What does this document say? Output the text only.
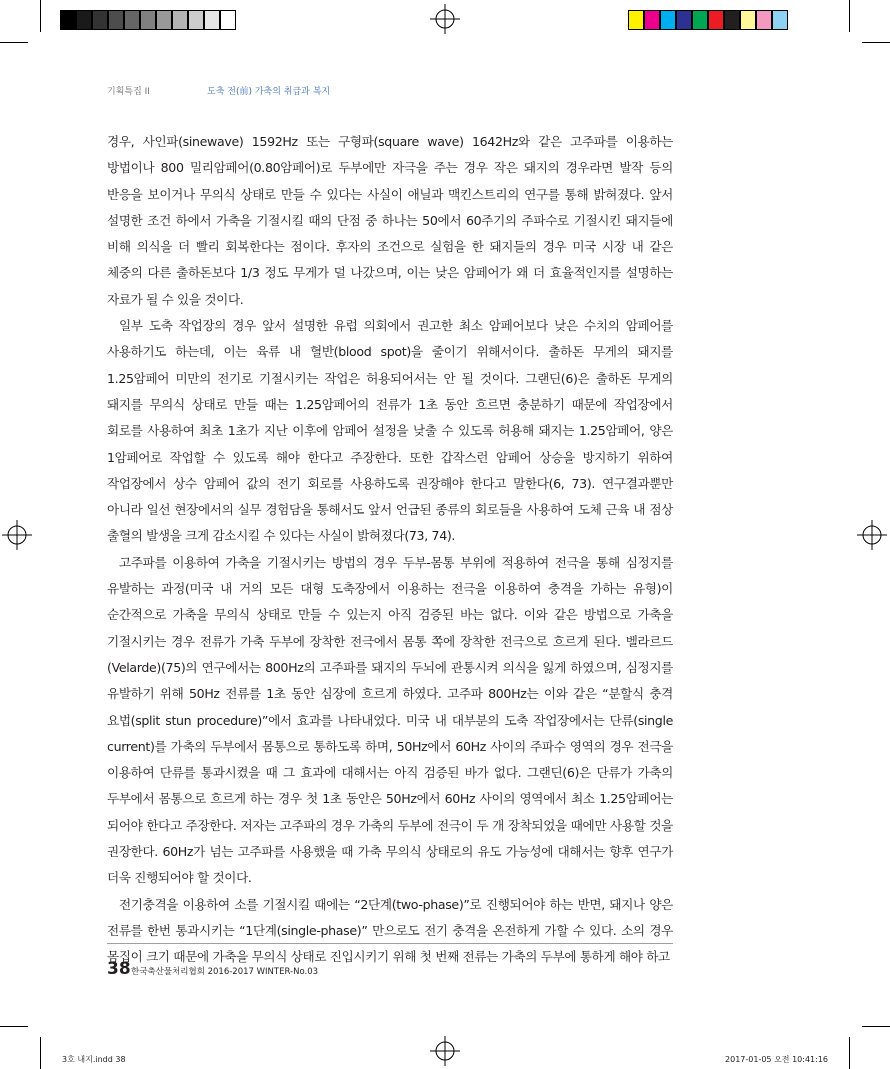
기획특집 II	도축 전(前) 가축의 취급과 복지

경우, 사인파(sinewave) 1592Hz 또는 구형파(square wave) 1642Hz와 같은 고주파를 이용하는 방법이나 800 밀리암페어(0.80암페어)로 두부에만 자극을 주는 경우 작은 돼지의 경우라면 발작 등의 반응을 보이거나 무의식 상태로 만들 수 있다는 사실이 애닐과 맥킨스트리의 연구를 통해 밝혀졌다. 앞서 설명한 조건 하에서 가축을 기절시킬 때의 단점 중 하나는 50에서 60주기의 주파수로 기절시킨 돼지들에 비해 의식을 더 빨리 회복한다는 점이다. 후자의 조건으로 실험을 한 돼지들의 경우 미국 시장 내 같은 체중의 다른 출하돈보다 1/3 정도 무게가 덜 나갔으며, 이는 낮은 암페어가 왜 더 효율적인지를 설명하는 자료가 될 수 있을 것이다.

일부 도축 작업장의 경우 앞서 설명한 유럽 의회에서 권고한 최소 암페어보다 낮은 수치의 암페어를 사용하기도 하는데, 이는 육류 내 혈반(blood spot)을 줄이기 위해서이다. 출하돈 무게의 돼지를 1.25암페어 미만의 전기로 기절시키는 작업은 허용되어서는 안 될 것이다. 그랜딘(6)은 출하돈 무게의 돼지를 무의식 상태로 만들 때는 1.25암페어의 전류가 1초 동안 흐르면 충분하기 때문에 작업장에서 회로를 사용하여 최초 1초가 지난 이후에 암페어 설정을 낮출 수 있도록 허용해 돼지는 1.25암페어, 양은 1암페어로 작업할 수 있도록 해야 한다고 주장한다. 또한 갑작스런 암페어 상승을 방지하기 위하여 작업장에서 상수 암페어 값의 전기 회로를 사용하도록 권장해야 한다고 말한다(6, 73). 연구결과뿐만 아니라 일선 현장에서의 실무 경험담을 통해서도 앞서 언급된 종류의 회로들을 사용하여 도체 근육 내 점상 출혈의 발생을 크게 감소시킬 수 있다는 사실이 밝혀졌다(73, 74).

고주파를 이용하여 가축을 기절시키는 방법의 경우 두부-몸통 부위에 적용하여 전극을 통해 심정지를 유발하는 과정(미국 내 거의 모든 대형 도축장에서 이용하는 전극을 이용하여 충격을 가하는 유형)이 순간적으로 가축을 무의식 상태로 만들 수 있는지 아직 검증된 바는 없다. 이와 같은 방법으로 가축을 기절시키는 경우 전류가 가축 두부에 장착한 전극에서 몸통 쪽에 장착한 전극으로 흐르게 된다. 벨라르드(Velarde)(75)의 연구에서는 800Hz의 고주파를 돼지의 두뇌에 관통시켜 의식을 잃게 하였으며, 심정지를 유발하기 위해 50Hz 전류를 1초 동안 심장에 흐르게 하였다. 고주파 800Hz는 이와 같은 “분할식 충격 요법(split stun procedure)”에서 효과를 나타내었다. 미국 내 대부분의 도축 작업장에서는 단류(single current)를 가축의 두부에서 몸통으로 통하도록 하며, 50Hz에서 60Hz 사이의 주파수 영역의 경우 전극을 이용하여 단류를 통과시켰을 때 그 효과에 대해서는 아직 검증된 바가 없다. 그랜딘(6)은 단류가 가축의 두부에서 몸통으로 흐르게 하는 경우 첫 1초 동안은 50Hz에서 60Hz 사이의 영역에서 최소 1.25암페어는 되어야 한다고 주장한다. 저자는 고주파의 경우 가축의 두부에 전극이 두 개 장착되었을 때에만 사용할 것을 권장한다. 60Hz가 넘는 고주파를 사용했을 때 가축 무의식 상태로의 유도 가능성에 대해서는 향후 연구가 더욱 진행되어야 할 것이다.

전기충격을 이용하여 소를 기절시킬 때에는 “2단계(two-phase)”로 진행되어야 하는 반면, 돼지나 양은 전류를 한번 통과시키는 “1단계(single-phase)” 만으로도 전기 충격을 온전하게 가할 수 있다. 소의 경우 몸집이 크기 때문에 가축을 무의식 상태로 진입시키기 위해 첫 번째 전류는 가축의 두부에 통하게 해야 하고

38 한국축산물처리협회 2016-2017 WINTER-No.03
3호 내지.indd 38	2017-01-05 오전 10:41:16
